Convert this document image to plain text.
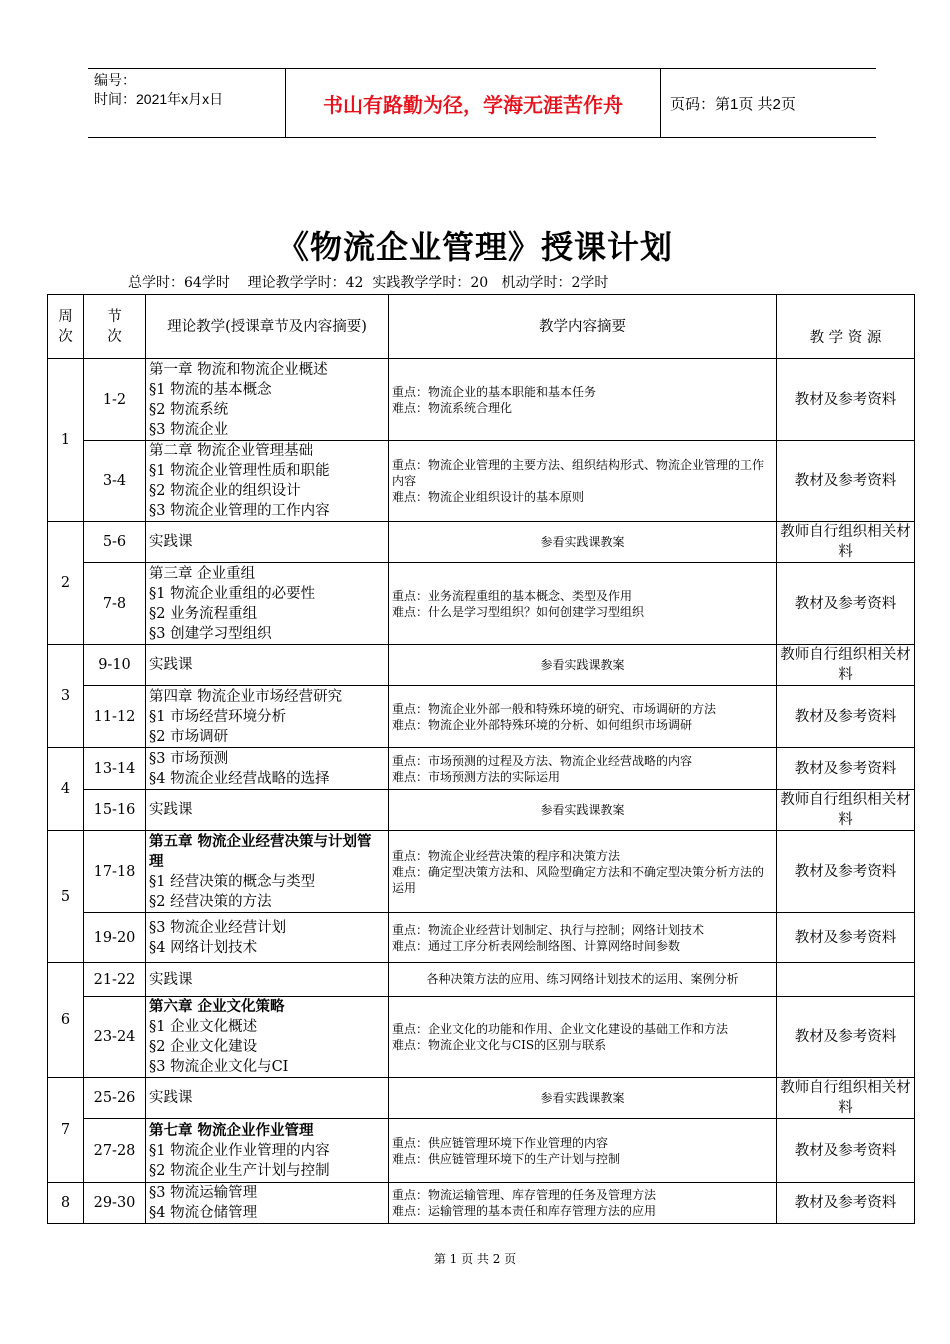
编号：
时间：2021年x月x日	书山有路勤为径，学海无涯苦作舟	页码：第1页 共2页
《物流企业管理》授课计划
总学时：64学时    理论教学学时：42  实践教学学时：20   机动学时：2学时
周
次	节
次	理论教学(授课章节及内容摘要)	教学内容摘要	教 学 资 源
1	1-2	第一章 物流和物流企业概述
§1 物流的基本概念
§2 物流系统
§3 物流企业	重点：物流企业的基本职能和基本任务
难点：物流系统合理化	教材及参考资料
	3-4	第二章 物流企业管理基础
§1 物流企业管理性质和职能
§2 物流企业的组织设计
§3 物流企业管理的工作内容	重点：物流企业管理的主要方法、组织结构形式、物流企业管理的工作内容
难点：物流企业组织设计的基本原则	教材及参考资料
2	5-6	实践课	参看实践课教案	教师自行组织相关材料
	7-8	第三章 企业重组
§1 物流企业重组的必要性
§2 业务流程重组
§3 创建学习型组织	重点：业务流程重组的基本概念、类型及作用
难点：什么是学习型组织？如何创建学习型组织	教材及参考资料
3	9-10	实践课	参看实践课教案	教师自行组织相关材料
	11-12	第四章 物流企业市场经营研究
§1 市场经营环境分析
§2 市场调研	重点：物流企业外部一般和特殊环境的研究、市场调研的方法
难点：物流企业外部特殊环境的分析、如何组织市场调研	教材及参考资料
4	13-14	§3 市场预测
§4 物流企业经营战略的选择	重点：市场预测的过程及方法、物流企业经营战略的内容
难点：市场预测方法的实际运用	教材及参考资料
	15-16	实践课	参看实践课教案	教师自行组织相关材料
5	17-18	第五章 物流企业经营决策与计划管理
§1 经营决策的概念与类型
§2 经营决策的方法	重点：物流企业经营决策的程序和决策方法
难点：确定型决策方法和、风险型确定方法和不确定型决策分析方法的运用	教材及参考资料
	19-20	§3 物流企业经营计划
§4 网络计划技术	重点：物流企业经营计划制定、执行与控制；网络计划技术
难点：通过工序分析表网绘制络图、计算网络时间参数	教材及参考资料
6	21-22	实践课	各种决策方法的应用、练习网络计划技术的运用、案例分析	
	23-24	第六章 企业文化策略
§1 企业文化概述
§2 企业文化建设
§3 物流企业文化与CI	重点：企业文化的功能和作用、企业文化建设的基础工作和方法
难点：物流企业文化与CIS的区别与联系	教材及参考资料
7	25-26	实践课	参看实践课教案	教师自行组织相关材料
	27-28	第七章 物流企业作业管理
§1 物流企业作业管理的内容
§2 物流企业生产计划与控制	重点：供应链管理环境下作业管理的内容
难点：供应链管理环境下的生产计划与控制	教材及参考资料
8	29-30	§3 物流运输管理
§4 物流仓储管理	重点：物流运输管理、库存管理的任务及管理方法
难点：运输管理的基本责任和库存管理方法的应用	教材及参考资料
第 1 页 共 2 页
